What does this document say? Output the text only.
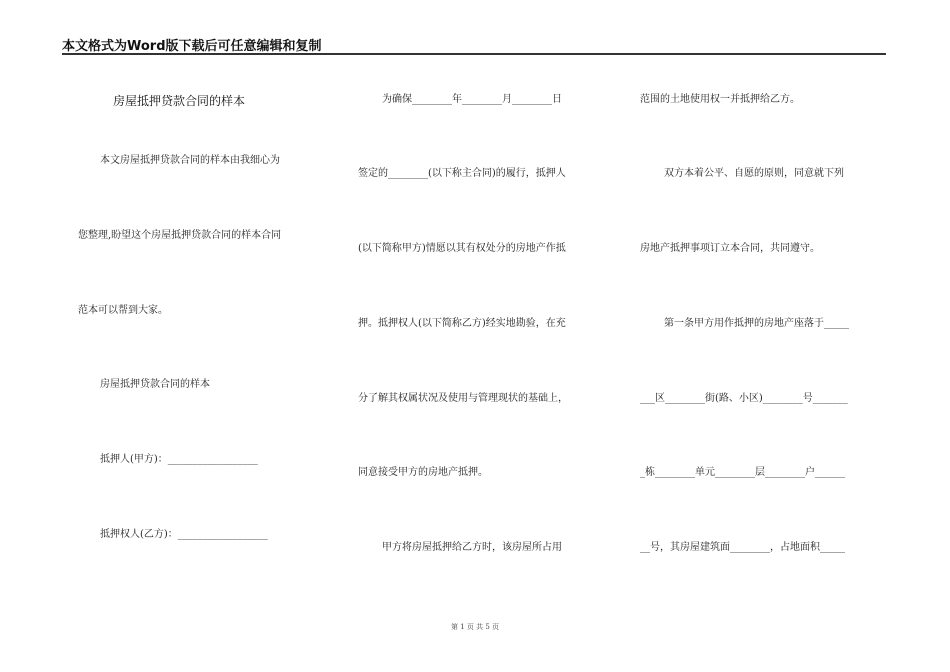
本文格式为Word版下载后可任意编辑和复制
房屋抵押贷款合同的样本
本文房屋抵押贷款合同的样本由我细心为
您整理,盼望这个房屋抵押贷款合同的样本合同
范本可以帮到大家。
房屋抵押贷款合同的样本
抵押人(甲方)：__________________
抵押权人(乙方)：__________________
为确保________年________月________日
签定的________(以下称主合同)的履行，抵押人
(以下简称甲方)情愿以其有权处分的房地产作抵
押。抵押权人(以下简称乙方)经实地勘验，在充
分了解其权属状况及使用与管理现状的基础上，
同意接受甲方的房地产抵押。
甲方将房屋抵押给乙方时，该房屋所占用
范围的土地使用权一并抵押给乙方。
双方本着公平、自愿的原则，同意就下列
房地产抵押事项订立本合同，共同遵守。
第一条甲方用作抵押的房地产座落于_____
___区________街(路、小区)________号_______
_栋________单元________层________户______
__号，其房屋建筑面________，占地面积_____
第 1 页 共 5 页
